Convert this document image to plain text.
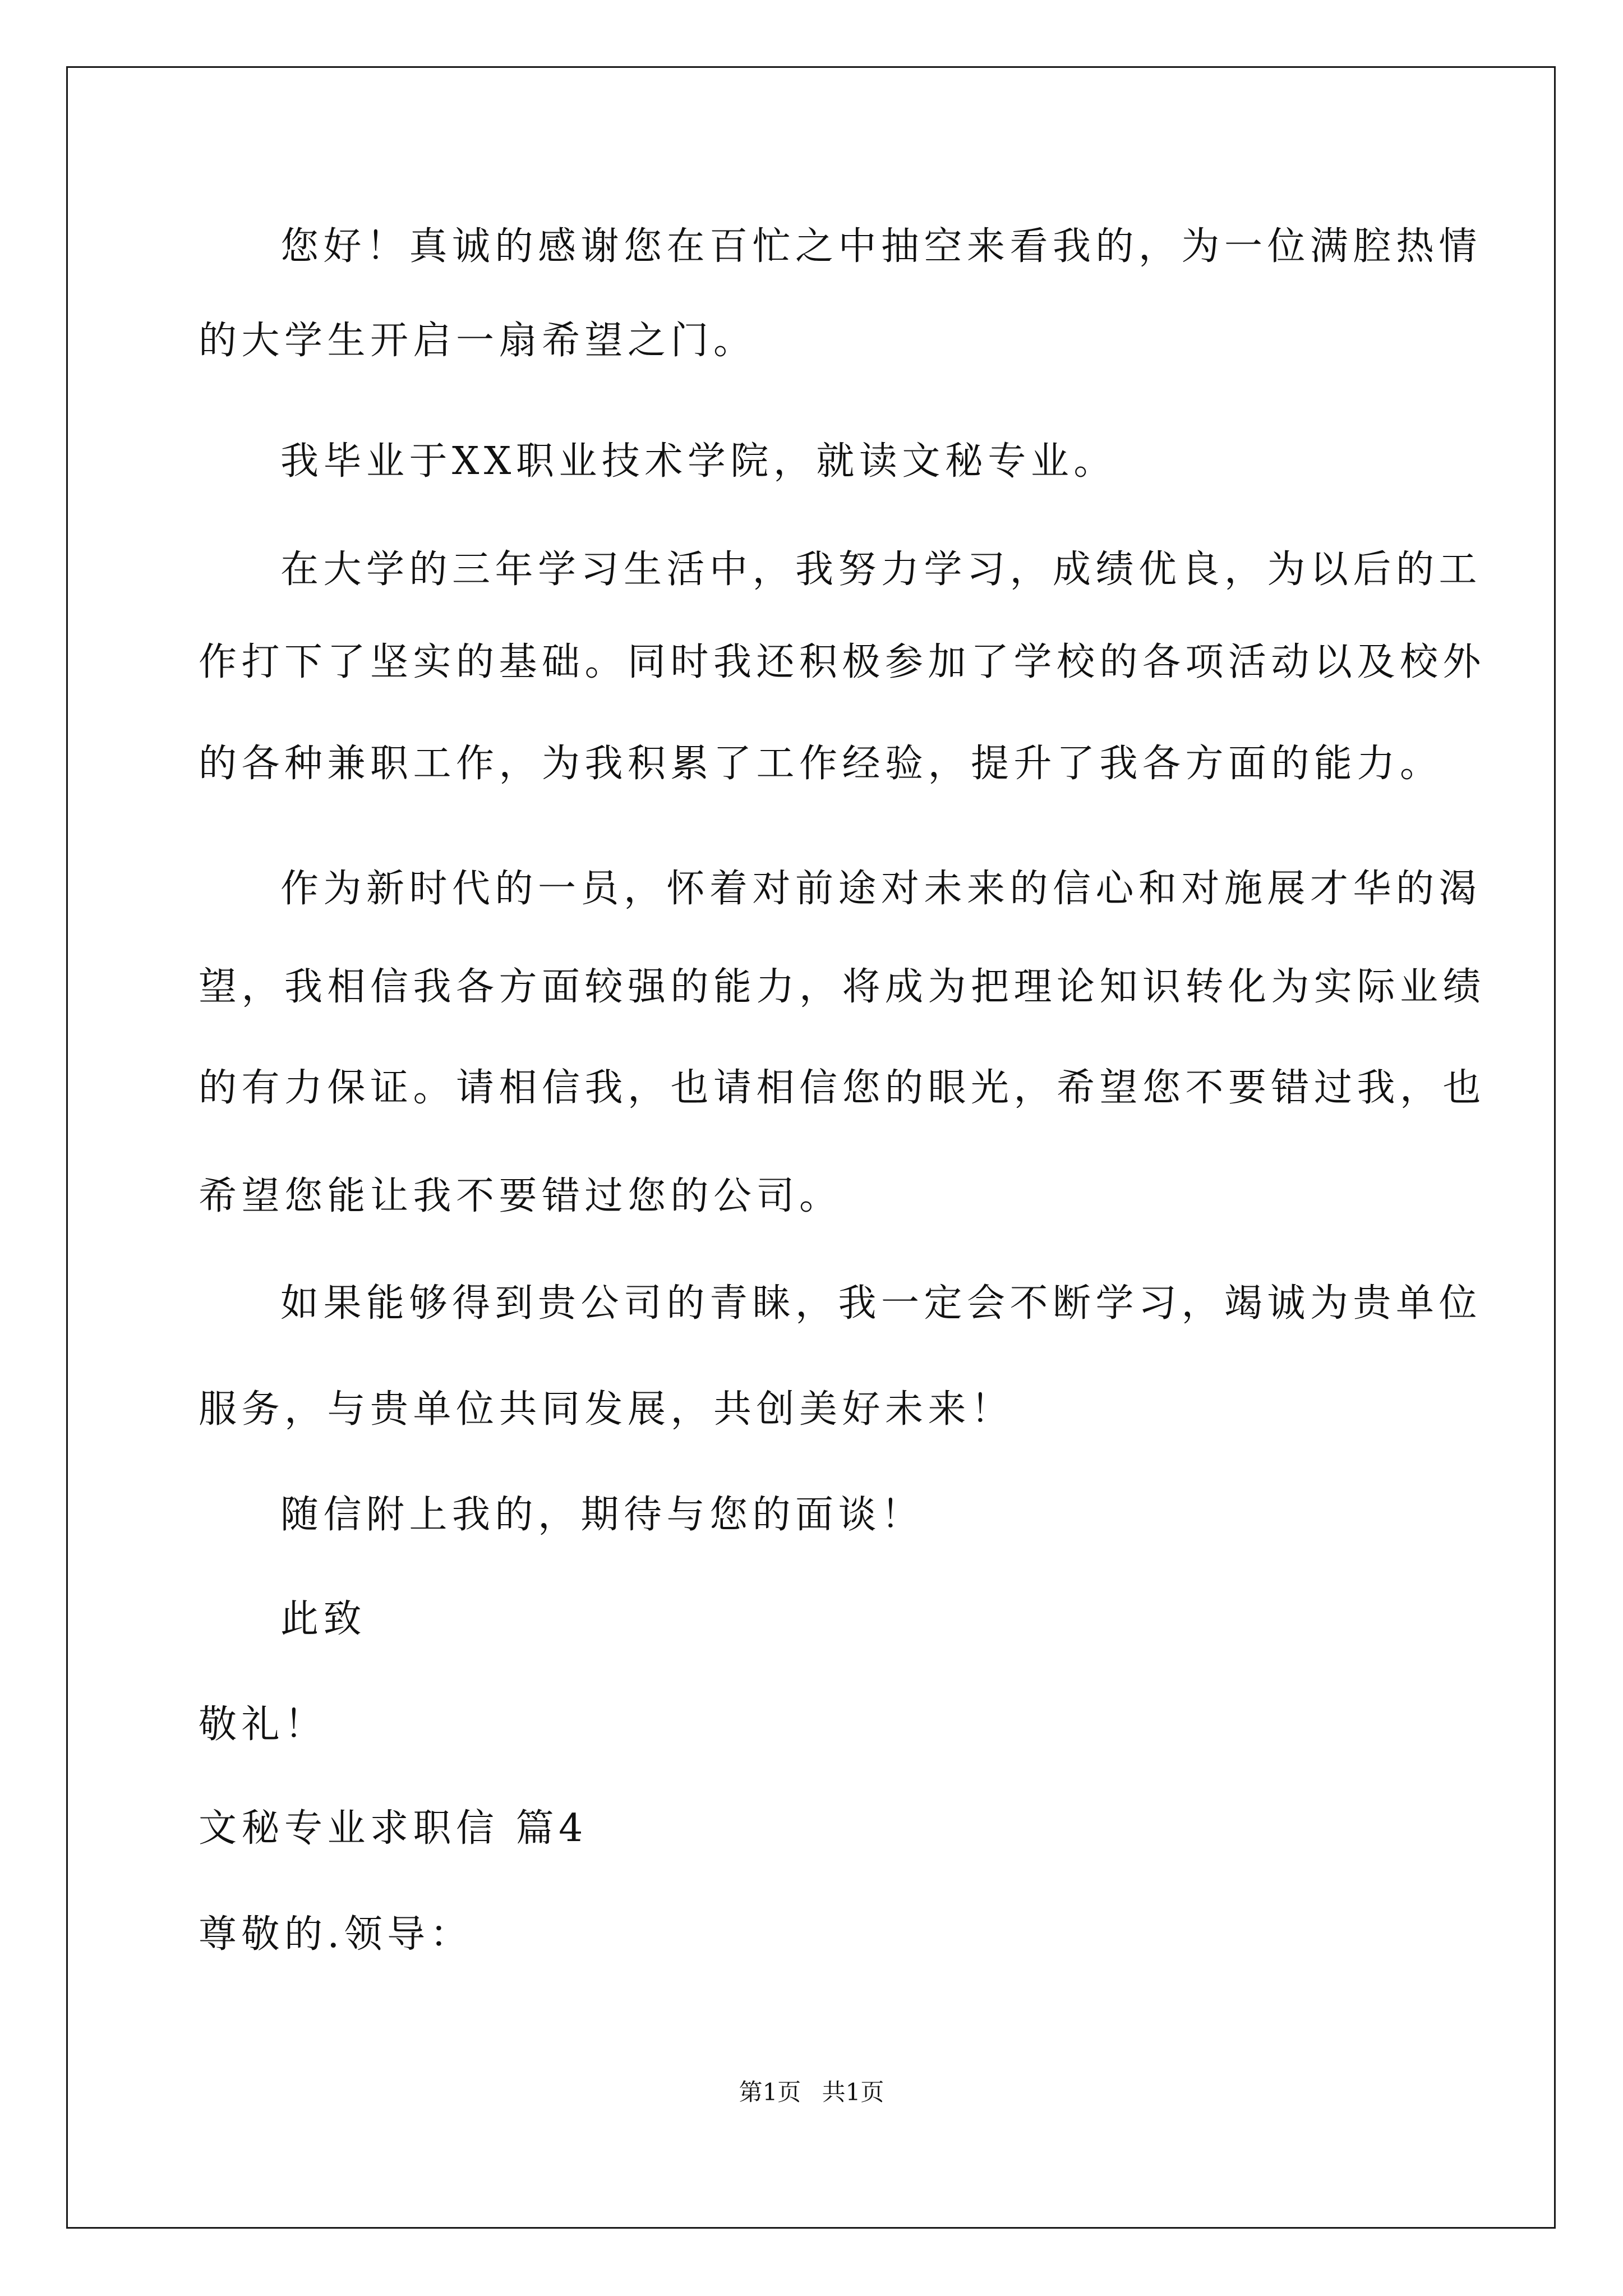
您好！真诚的感谢您在百忙之中抽空来看我的，为一位满腔热情
的大学生开启一扇希望之门。
我毕业于XX职业技术学院，就读文秘专业。
在大学的三年学习生活中，我努力学习，成绩优良，为以后的工
作打下了坚实的基础。同时我还积极参加了学校的各项活动以及校外
的各种兼职工作，为我积累了工作经验，提升了我各方面的能力。
作为新时代的一员，怀着对前途对未来的信心和对施展才华的渴
望，我相信我各方面较强的能力，将成为把理论知识转化为实际业绩
的有力保证。请相信我，也请相信您的眼光，希望您不要错过我，也
希望您能让我不要错过您的公司。
如果能够得到贵公司的青睐，我一定会不断学习，竭诚为贵单位
服务，与贵单位共同发展，共创美好未来！
随信附上我的，期待与您的面谈！
此致
敬礼！
文秘专业求职信 篇4
尊敬的.领导：
第1页 共1页
